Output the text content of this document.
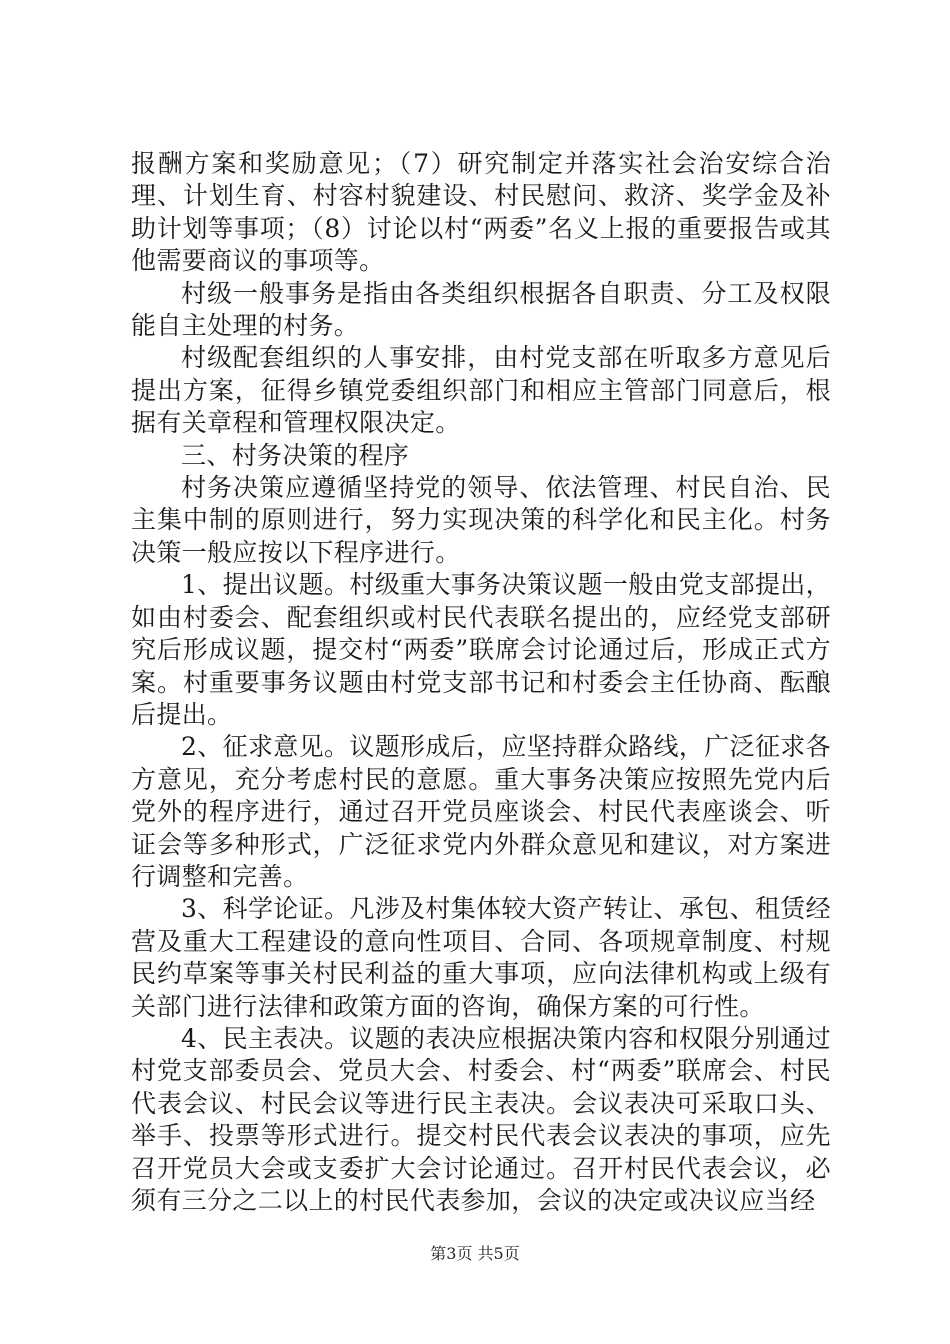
报酬方案和奖励意见；（7）研究制定并落实社会治安综合治理、计划生育、村容村貌建设、村民慰问、救济、奖学金及补助计划等事项；（8）讨论以村“两委”名义上报的重要报告或其他需要商议的事项等。

村级一般事务是指由各类组织根据各自职责、分工及权限能自主处理的村务。

村级配套组织的人事安排，由村党支部在听取多方意见后提出方案，征得乡镇党委组织部门和相应主管部门同意后，根据有关章程和管理权限决定。

三、村务决策的程序

村务决策应遵循坚持党的领导、依法管理、村民自治、民主集中制的原则进行，努力实现决策的科学化和民主化。村务决策一般应按以下程序进行。

1、提出议题。村级重大事务决策议题一般由党支部提出，如由村委会、配套组织或村民代表联名提出的，应经党支部研究后形成议题，提交村“两委”联席会讨论通过后，形成正式方案。村重要事务议题由村党支部书记和村委会主任协商、酝酿后提出。

2、征求意见。议题形成后，应坚持群众路线，广泛征求各方意见，充分考虑村民的意愿。重大事务决策应按照先党内后党外的程序进行，通过召开党员座谈会、村民代表座谈会、听证会等多种形式，广泛征求党内外群众意见和建议，对方案进行调整和完善。

3、科学论证。凡涉及村集体较大资产转让、承包、租赁经营及重大工程建设的意向性项目、合同、各项规章制度、村规民约草案等事关村民利益的重大事项，应向法律机构或上级有关部门进行法律和政策方面的咨询，确保方案的可行性。

4、民主表决。议题的表决应根据决策内容和权限分别通过村党支部委员会、党员大会、村委会、村“两委”联席会、村民代表会议、村民会议等进行民主表决。会议表决可采取口头、举手、投票等形式进行。提交村民代表会议表决的事项，应先召开党员大会或支委扩大会讨论通过。召开村民代表会议，必须有三分之二以上的村民代表参加，会议的决定或决议应当经

第3页 共5页
